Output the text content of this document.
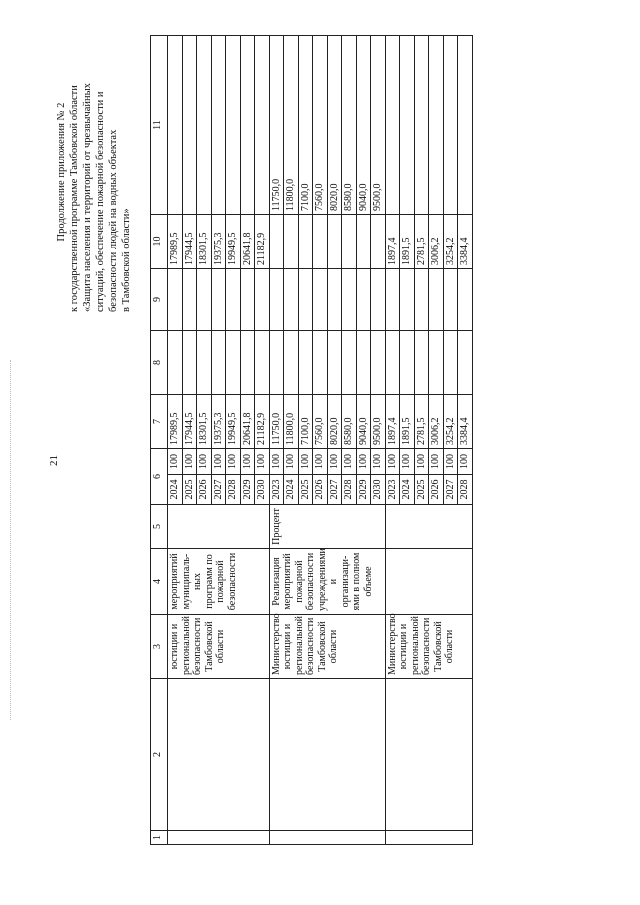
21
Продолжение приложения № 2 к государственной программе Тамбовской области «Защита населения и территорий от чрезвычайных ситуаций, обеспечение пожарной безопасности и безопасности людей на водных объектах в Тамбовской области»
1	2	3	4	5	6		7	8	9	10	11
		юстиции и региональной безопасности Тамбовской области	мероприятий муниципаль-ных программ по пожарной безопасности		2024	100	17989,5			17989,5	
					2025	100	17944,5			17944,5	
					2026	100	18301,5			18301,5	
					2027	100	19375,3			19375,3	
					2028	100	19949,5			19949,5	
					2029	100	20641,8			20641,8	
					2030	100	21182,9			21182,9	
		Министерство юстиции и региональной безопасности Тамбовской области	Реализация мероприятий пожарной безопасности учреждениями и организаци-ями в полном объеме	Процент	2023	100	11750,0				11750,0
					2024	100	11800,0				11800,0
					2025	100	7100,0				7100,0
					2026	100	7560,0				7560,0
					2027	100	8020,0				8020,0
					2028	100	8580,0				8580,0
					2029	100	9040,0				9040,0
					2030	100	9500,0				9500,0
		Министерство юстиции и региональной безопасности Тамбовской области			2023	100	1897,4			1897,4	
					2024	100	1891,5			1891,5	
					2025	100	2781,5			2781,5	
					2026	100	3006,2			3006,2	
					2027	100	3254,2			3254,2	
					2028	100	3384,4			3384,4	
